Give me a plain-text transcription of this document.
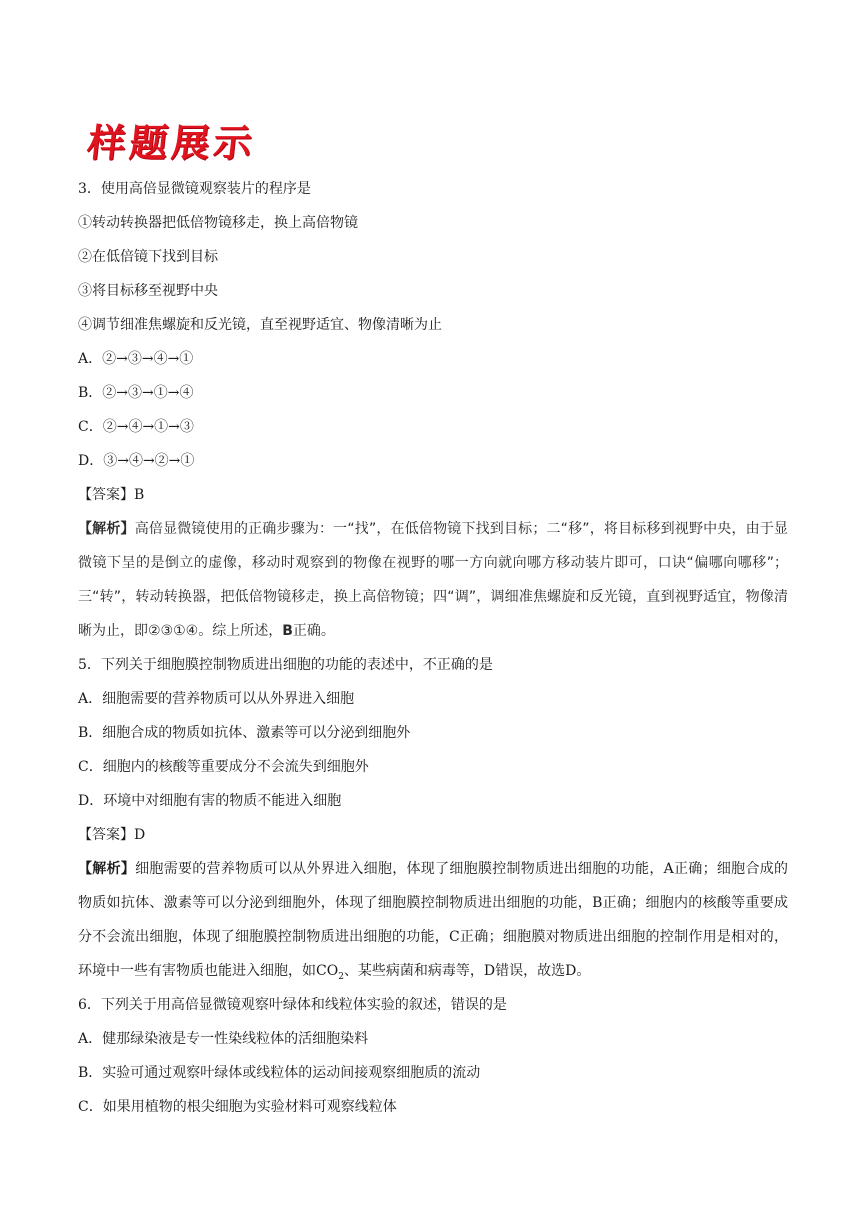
样题展示
3．使用高倍显微镜观察装片的程序是
①转动转换器把低倍物镜移走，换上高倍物镜
②在低倍镜下找到目标
③将目标移至视野中央
④调节细准焦螺旋和反光镜，直至视野适宜、物像清晰为止
A．②→③→④→①
B．②→③→①→④
C．②→④→①→③
D．③→④→②→①
【答案】B
【解析】高倍显微镜使用的正确步骤为：一“找”，在低倍物镜下找到目标；二“移”，将目标移到视野中央，由于显微镜下呈的是倒立的虚像，移动时观察到的物像在视野的哪一方向就向哪方移动装片即可，口诀“偏哪向哪移”；三“转”，转动转换器，把低倍物镜移走，换上高倍物镜；四“调”，调细准焦螺旋和反光镜，直到视野适宜，物像清晰为止，即②③①④。综上所述，B正确。
5．下列关于细胞膜控制物质进出细胞的功能的表述中，不正确的是
A．细胞需要的营养物质可以从外界进入细胞
B．细胞合成的物质如抗体、激素等可以分泌到细胞外
C．细胞内的核酸等重要成分不会流失到细胞外
D．环境中对细胞有害的物质不能进入细胞
【答案】D
【解析】细胞需要的营养物质可以从外界进入细胞，体现了细胞膜控制物质进出细胞的功能，A正确；细胞合成的物质如抗体、激素等可以分泌到细胞外，体现了细胞膜控制物质进出细胞的功能，B正确；细胞内的核酸等重要成分不会流出细胞，体现了细胞膜控制物质进出细胞的功能，C正确；细胞膜对物质进出细胞的控制作用是相对的，环境中一些有害物质也能进入细胞，如$CO_2$、某些病菌和病毒等，D错误，故选D。
6．下列关于用高倍显微镜观察叶绿体和线粒体实验的叙述，错误的是
A．健那绿染液是专一性染线粒体的活细胞染料
B．实验可通过观察叶绿体或线粒体的运动间接观察细胞质的流动
C．如果用植物的根尖细胞为实验材料可观察线粒体
